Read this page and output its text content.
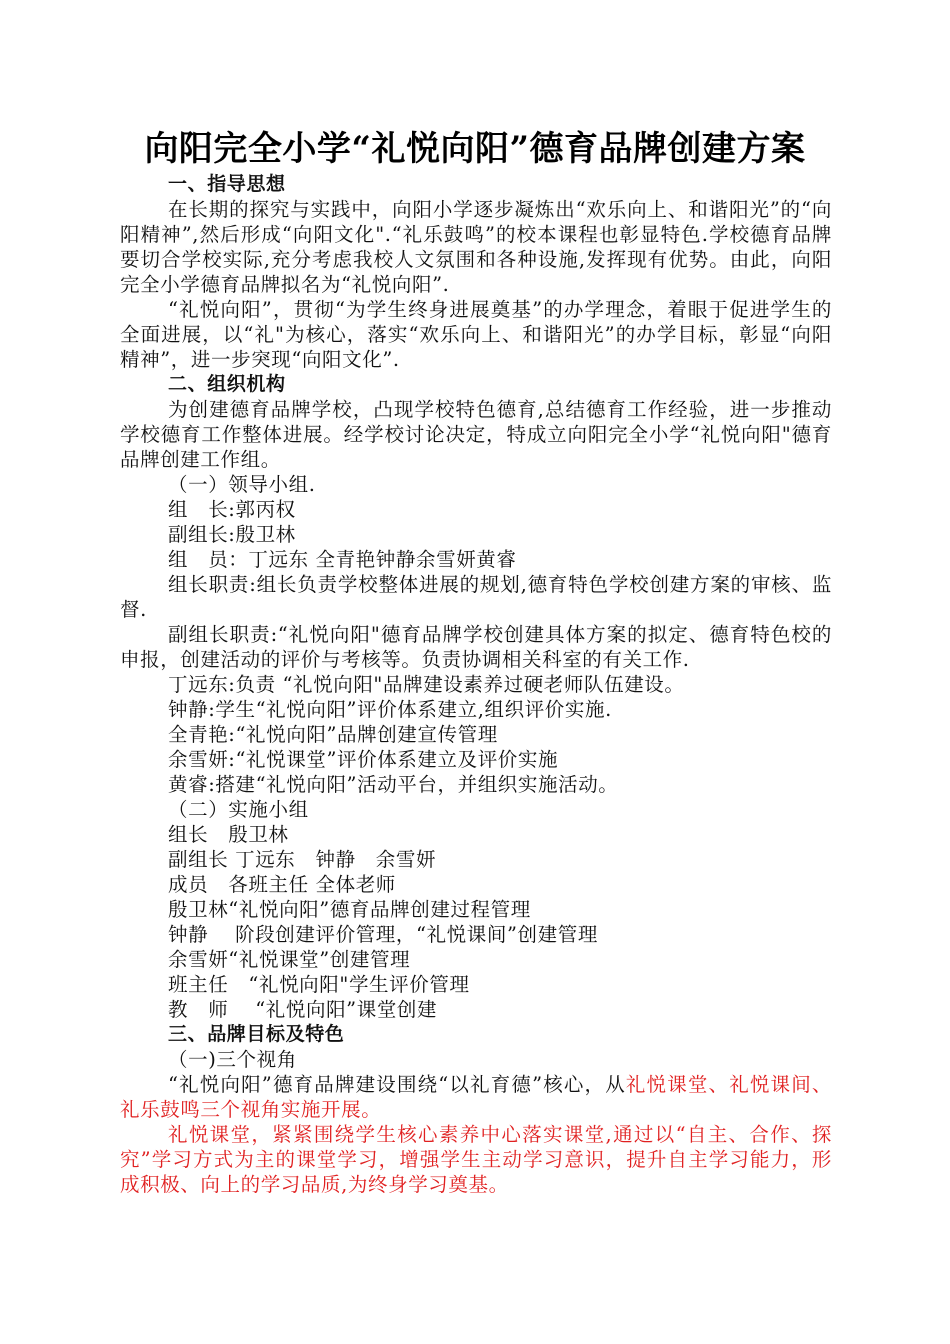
向阳完全小学“礼悦向阳”德育品牌创建方案

一、指导思想

在长期的探究与实践中，向阳小学逐步凝炼出“欢乐向上、和谐阳光”的“向阳精神”,然后形成“向阳文化".“礼乐鼓鸣”的校本课程也彰显特色.学校德育品牌要切合学校实际,充分考虑我校人文氛围和各种设施,发挥现有优势。由此，向阳完全小学德育品牌拟名为“礼悦向阳”.

“礼悦向阳”，贯彻“为学生终身进展奠基”的办学理念，着眼于促进学生的全面进展，以“礼"为核心，落实“欢乐向上、和谐阳光”的办学目标，彰显“向阳精神”，进一步突现“向阳文化”.

二、组织机构

为创建德育品牌学校，凸现学校特色德育,总结德育工作经验，进一步推动学校德育工作整体进展。经学校讨论决定，特成立向阳完全小学“礼悦向阳"德育品牌创建工作组。

（一）领导小组.

组　长:郭丙权

副组长:殷卫林

组　员：丁远东 全青艳钟静余雪妍黄睿

组长职责:组长负责学校整体进展的规划,德育特色学校创建方案的审核、监督.

副组长职责:“礼悦向阳"德育品牌学校创建具体方案的拟定、德育特色校的申报，创建活动的评价与考核等。负责协调相关科室的有关工作.

丁远东:负责 “礼悦向阳"品牌建设素养过硬老师队伍建设。

钟静:学生“礼悦向阳”评价体系建立,组织评价实施.

全青艳:“礼悦向阳”品牌创建宣传管理

余雪妍:“礼悦课堂”评价体系建立及评价实施

黄睿:搭建“礼悦向阳”活动平台，并组织实施活动。

（二）实施小组

组长　殷卫林

副组长 丁远东　钟静　余雪妍

成员　各班主任 全体老师

殷卫林“礼悦向阳”德育品牌创建过程管理

钟静　 阶段创建评价管理，“礼悦课间”创建管理

余雪妍“礼悦课堂”创建管理

班主任　“礼悦向阳"学生评价管理

教　师　 “礼悦向阳”课堂创建

三、品牌目标及特色

（一)三个视角

“礼悦向阳”德育品牌建设围绕“以礼育德”核心，从礼悦课堂、礼悦课间、礼乐鼓鸣三个视角实施开展。

礼悦课堂，紧紧围绕学生核心素养中心落实课堂,通过以“自主、合作、探究”学习方式为主的课堂学习，增强学生主动学习意识，提升自主学习能力，形成积极、向上的学习品质,为终身学习奠基。
